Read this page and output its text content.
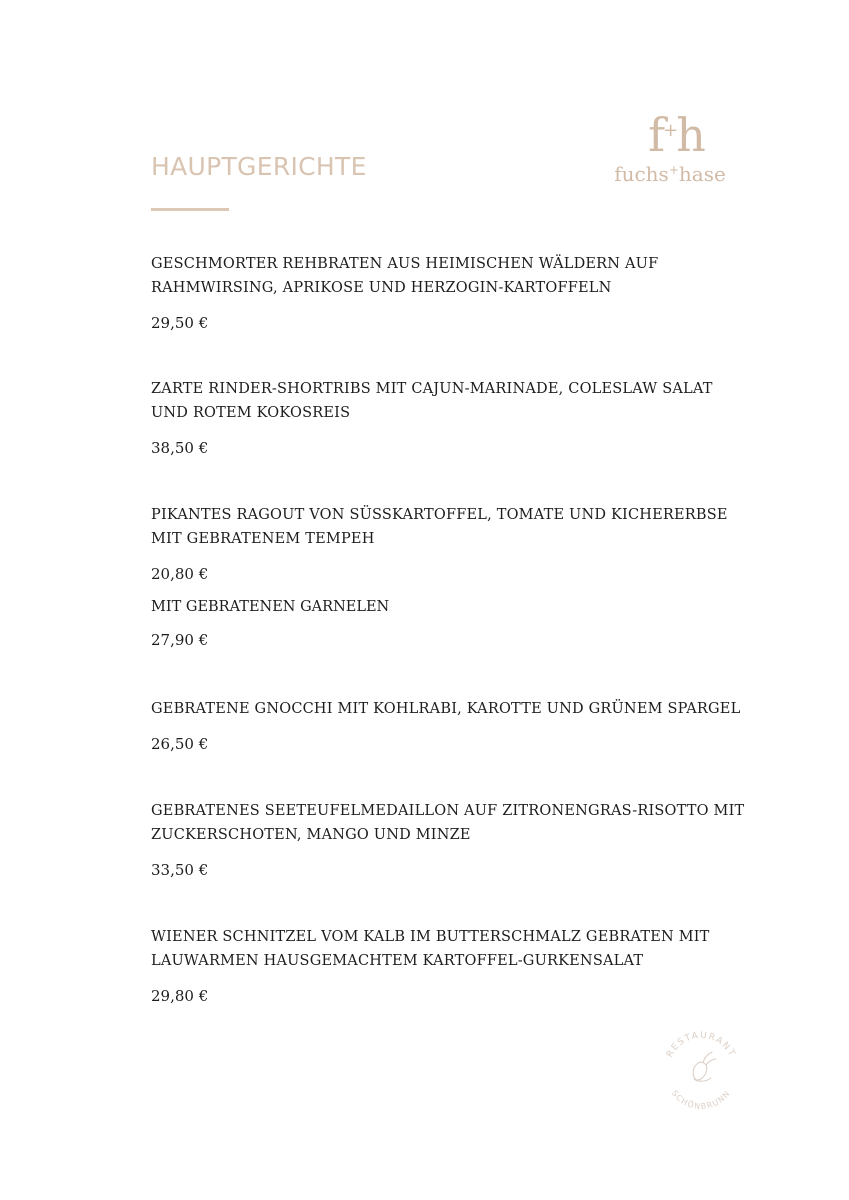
HAUPTGERICHTE
f+h
fuchs+hase

GESCHMORTER REHBRATEN AUS HEIMISCHEN WÄLDERN AUF RAHMWIRSING, APRIKOSE UND HERZOGIN-KARTOFFELN

29,50 €

ZARTE RINDER-SHORTRIBS MIT CAJUN-MARINADE, COLESLAW SALAT UND ROTEM KOKOSREIS

38,50 €

PIKANTES RAGOUT VON SÜSSKARTOFFEL, TOMATE UND KICHERERBSE MIT GEBRATENEM TEMPEH

20,80 €

MIT GEBRATENEN GARNELEN

27,90 €

GEBRATENE GNOCCHI MIT KOHLRABI, KAROTTE UND GRÜNEM SPARGEL

26,50 €

GEBRATENES SEETEUFELMEDAILLON AUF ZITRONENGRAS-RISOTTO MIT ZUCKERSCHOTEN, MANGO UND MINZE

33,50 €

WIENER SCHNITZEL VOM KALB IM BUTTERSCHMALZ GEBRATEN MIT LAUWARMEN HAUSGEMACHTEM KARTOFFEL-GURKENSALAT

29,80 €

RESTAURANT
SCHÖNBRUNN
